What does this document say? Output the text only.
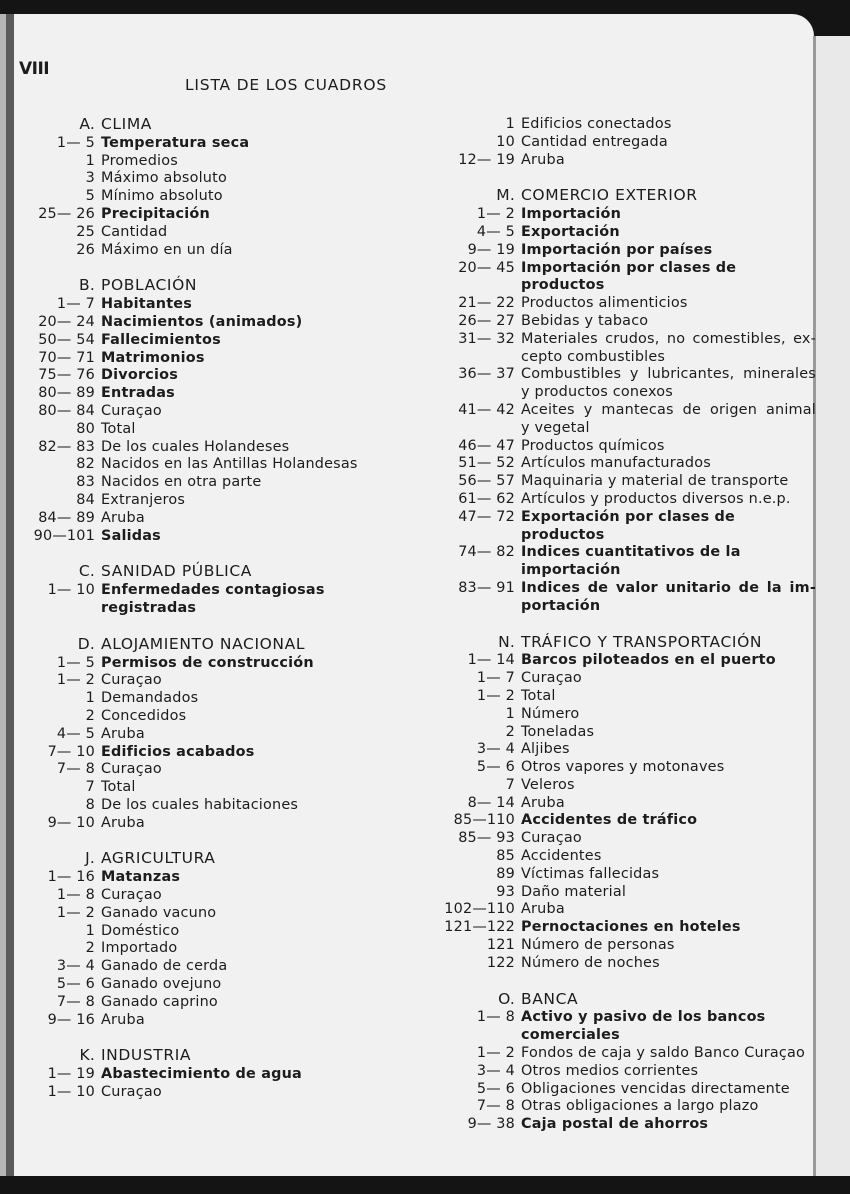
VIII
LISTA DE LOS CUADROS
A. CLIMA
1— 5 Temperatura seca
1 Promedios
3 Máximo absoluto
5 Mínimo absoluto
25— 26 Precipitación
25 Cantidad
26 Máximo en un día
B. POBLACIÓN
1— 7 Habitantes
20— 24 Nacimientos (animados)
50— 54 Fallecimientos
70— 71 Matrimonios
75— 76 Divorcios
80— 89 Entradas
80— 84 Curaçao
80 Total
82— 83 De los cuales Holandeses
82 Nacidos en las Antillas Holandesas
83 Nacidos en otra parte
84 Extranjeros
84— 89 Aruba
90—101 Salidas
C. SANIDAD PÚBLICA
1— 10 Enfermedades contagiosas registradas
D. ALOJAMIENTO NACIONAL
1— 5 Permisos de construcción
1— 2 Curaçao
1 Demandados
2 Concedidos
4— 5 Aruba
7— 10 Edificios acabados
7— 8 Curaçao
7 Total
8 De los cuales habitaciones
9— 10 Aruba
J. AGRICULTURA
1— 16 Matanzas
1— 8 Curaçao
1— 2 Ganado vacuno
1 Doméstico
2 Importado
3— 4 Ganado de cerda
5— 6 Ganado ovejuno
7— 8 Ganado caprino
9— 16 Aruba
K. INDUSTRIA
1— 19 Abastecimiento de agua
1— 10 Curaçao
1 Edificios conectados
10 Cantidad entregada
12— 19 Aruba
M. COMERCIO EXTERIOR
1— 2 Importación
4— 5 Exportación
9— 19 Importación por países
20— 45 Importación por clases de productos
21— 22 Productos alimenticios
26— 27 Bebidas y tabaco
31— 32 Materiales crudos, no comestibles, ex-
cepto combustibles
36— 37 Combustibles y lubricantes, minerales
y productos conexos
41— 42 Aceites y mantecas de origen animal
y vegetal
46— 47 Productos químicos
51— 52 Artículos manufacturados
56— 57 Maquinaria y material de transporte
61— 62 Artículos y productos diversos n.e.p.
47— 72 Exportación por clases de productos
74— 82 Indices cuantitativos de la importación
83— 91 Indices de valor unitario de la im-
portación
N. TRÁFICO Y TRANSPORTACIÓN
1— 14 Barcos piloteados en el puerto
1— 7 Curaçao
1— 2 Total
1 Número
2 Toneladas
3— 4 Aljibes
5— 6 Otros vapores y motonaves
7 Veleros
8— 14 Aruba
85—110 Accidentes de tráfico
85— 93 Curaçao
85 Accidentes
89 Víctimas fallecidas
93 Daño material
102—110 Aruba
121—122 Pernoctaciones en hoteles
121 Número de personas
122 Número de noches
O. BANCA
1— 8 Activo y pasivo de los bancos
comerciales
1— 2 Fondos de caja y saldo Banco Curaçao
3— 4 Otros medios corrientes
5— 6 Obligaciones vencidas directamente
7— 8 Otras obligaciones a largo plazo
9— 38 Caja postal de ahorros
